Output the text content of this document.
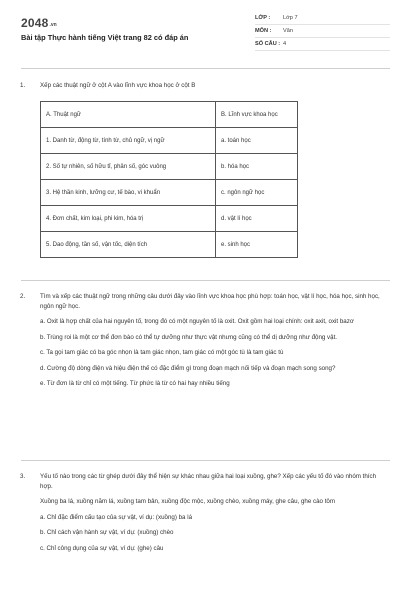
2048.vn
Bài tập Thực hành tiếng Việt trang 82 có đáp án
LỚP :	Lớp 7
MÔN :	Văn
SỐ CÂU : 4
1. Xếp các thuật ngữ ở cột A vào lĩnh vực khoa học ở cột B
A. Thuật ngữ	B. Lĩnh vực khoa học
1. Danh từ, động từ, tính từ, chủ ngữ, vị ngữ	a. toán học
2. Số tự nhiên, số hữu tỉ, phân số, góc vuông	b. hóa học
3. Hệ thần kinh, lưỡng cư, tế bào, vi khuẩn	c. ngôn ngữ học
4. Đơn chất, kim loại, phi kim, hóa trị	d. vật lí học
5. Dao động, tần số, vận tốc, diện tích	e. sinh học
2. Tìm và xếp các thuật ngữ trong những câu dưới đây vào lĩnh vực khoa học phù hợp: toán học, vật lí học, hóa học, sinh học, ngôn ngữ học.
a. Oxit là hợp chất của hai nguyên tố, trong đó có một nguyên tố là oxit. Oxit gồm hai loại chính: oxit axit, oxit bazơ
b. Trùng roi là một cơ thể đơn bào có thể tự dưỡng như thực vật nhưng cũng có thể dị dưỡng như động vật.
c. Ta gọi tam giác có ba góc nhọn là tam giác nhọn, tam giác có một góc tù là tam giác tù
d. Cường độ dòng điện và hiệu điện thế có đặc điểm gì trong đoạn mạch nối tiếp và đoạn mạch song song?
e. Từ đơn là từ chỉ có một tiếng. Từ phức là từ có hai hay nhiều tiếng
3. Yếu tố nào trong các từ ghép dưới đây thể hiện sự khác nhau giữa hai loại xuồng, ghe? Xếp các yếu tố đó vào nhóm thích hợp.
Xuồng ba lá, xuồng năm lá, xuồng tam bản, xuồng độc mộc, xuồng chèo, xuồng máy, ghe câu, ghe cào tôm
a. Chỉ đặc điểm cấu tạo của sự vật, ví dụ: (xuồng) ba lá
b. Chỉ cách vận hành sự vật, ví dụ: (xuồng) chèo
c. Chỉ công dụng của sự vật, ví dụ: (ghe) câu
